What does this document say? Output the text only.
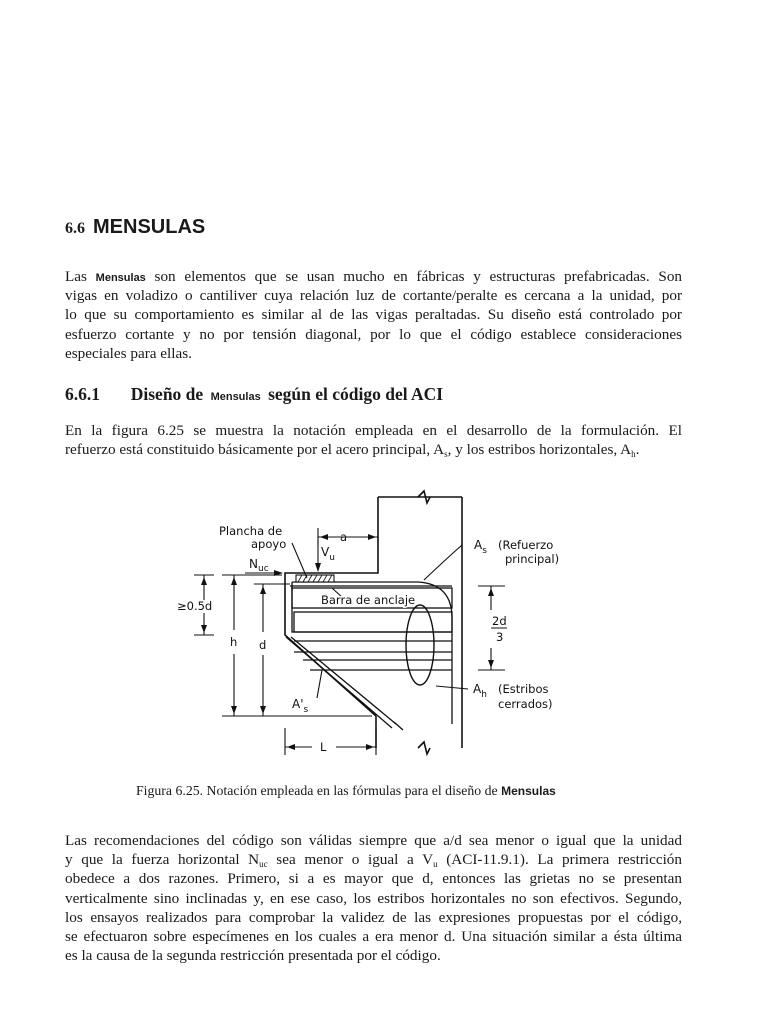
6.6 MENSULAS
Las Mensulas son elementos que se usan mucho en fábricas y estructuras prefabricadas. Son
vigas en voladizo o cantiliver cuya relación luz de cortante/peralte es cercana a la unidad, por
lo que su comportamiento es similar al de las vigas peraltadas. Su diseño está controlado por
esfuerzo cortante y no por tensión diagonal, por lo que el código establece consideraciones
especiales para ellas.
6.6.1 Diseño de Mensulas según el código del ACI
En la figura 6.25 se muestra la notación empleada en el desarrollo de la formulación. El
refuerzo está constituido básicamente por el acero principal, $A_s$, y los estribos horizontales, $A_h$.
Plancha de
apoyo	a
$V_u$
$N_{uc}$
$A_s$ (Refuerzo
principal)
Barra de anclaje
≥0.5d
h d
2d
3
$A_h$ (Estribos
cerrados)
$A'_s$
L
Figura 6.25. Notación empleada en las fórmulas para el diseño de Mensulas
Las recomendaciones del código son válidas siempre que a/d sea menor o igual que la unidad
y que la fuerza horizontal $N_{uc}$ sea menor o igual a $V_u$ (ACI-11.9.1). La primera restricción
obedece a dos razones. Primero, si a es mayor que d, entonces las grietas no se presentan
verticalmente sino inclinadas y, en ese caso, los estribos horizontales no son efectivos. Segundo,
los ensayos realizados para comprobar la validez de las expresiones propuestas por el código,
se efectuaron sobre especímenes en los cuales a era menor d. Una situación similar a ésta última
es la causa de la segunda restricción presentada por el código.
